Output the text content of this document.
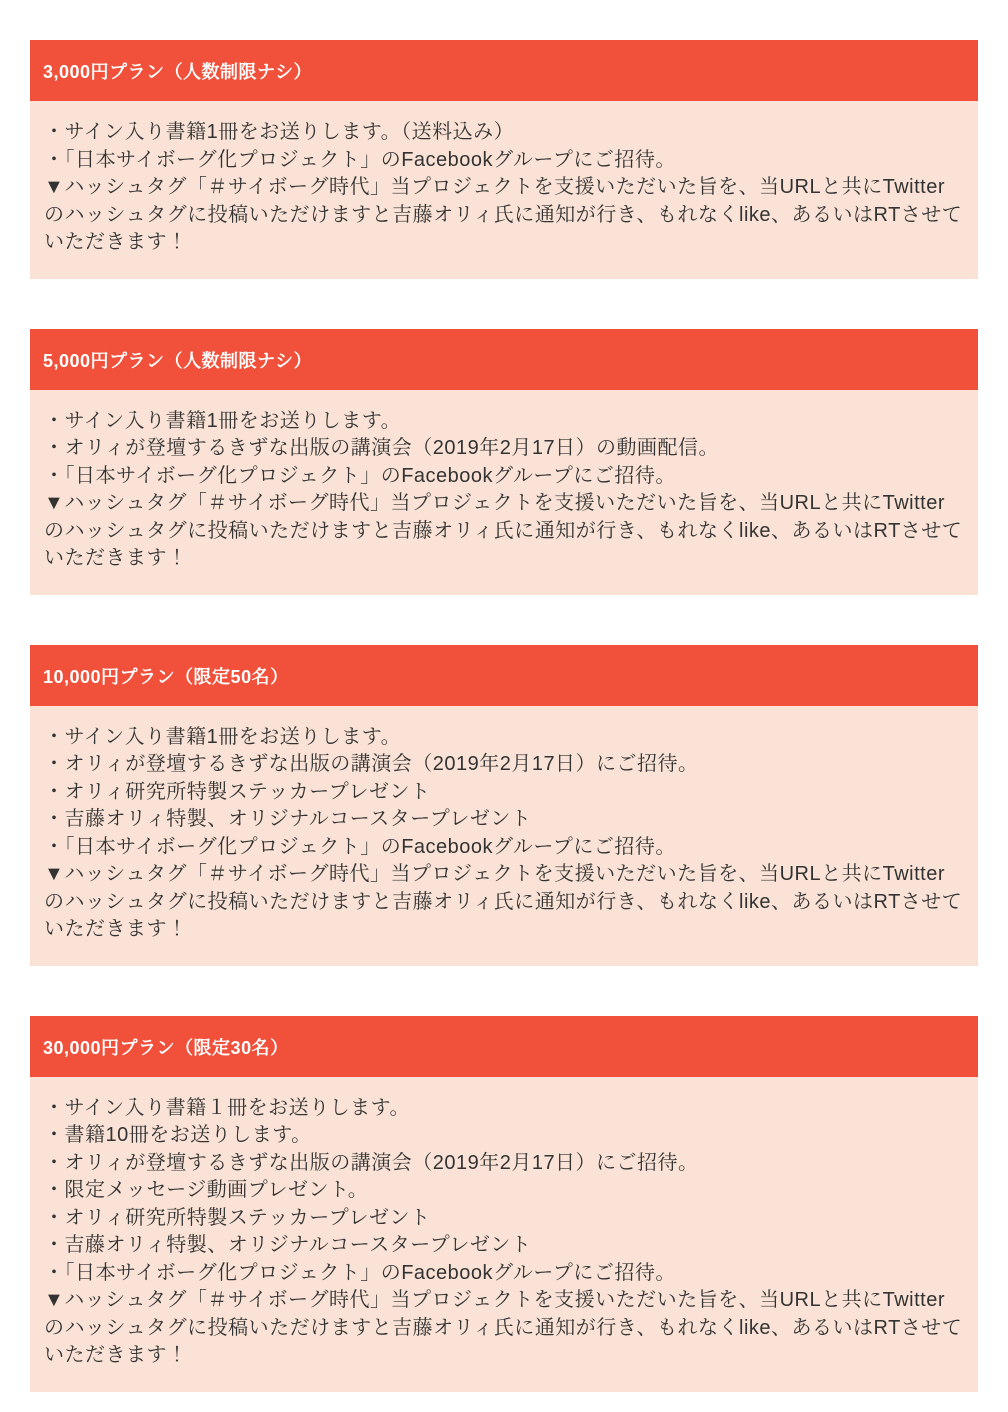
3,000円プラン（人数制限ナシ）

・サイン入り書籍1冊をお送りします。（送料込み）

・「日本サイボーグ化プロジェクト」のFacebookグループにご招待。

▼ハッシュタグ「＃サイボーグ時代」当プロジェクトを支援いただいた旨を、当URLと共にTwitterのハッシュタグに投稿いただけますと吉藤オリィ氏に通知が行き、もれなくlike、あるいはRTさせていただきます！

5,000円プラン（人数制限ナシ）

・サイン入り書籍1冊をお送りします。

・オリィが登壇するきずな出版の講演会（2019年2月17日）の動画配信。

・「日本サイボーグ化プロジェクト」のFacebookグループにご招待。

▼ハッシュタグ「＃サイボーグ時代」当プロジェクトを支援いただいた旨を、当URLと共にTwitterのハッシュタグに投稿いただけますと吉藤オリィ氏に通知が行き、もれなくlike、あるいはRTさせていただきます！

10,000円プラン（限定50名）

・サイン入り書籍1冊をお送りします。

・オリィが登壇するきずな出版の講演会（2019年2月17日）にご招待。

・オリィ研究所特製ステッカープレゼント

・吉藤オリィ特製、オリジナルコースタープレゼント

・「日本サイボーグ化プロジェクト」のFacebookグループにご招待。

▼ハッシュタグ「＃サイボーグ時代」当プロジェクトを支援いただいた旨を、当URLと共にTwitterのハッシュタグに投稿いただけますと吉藤オリィ氏に通知が行き、もれなくlike、あるいはRTさせていただきます！

30,000円プラン（限定30名）

・サイン入り書籍１冊をお送りします。

・書籍10冊をお送りします。

・オリィが登壇するきずな出版の講演会（2019年2月17日）にご招待。

・限定メッセージ動画プレゼント。

・オリィ研究所特製ステッカープレゼント

・吉藤オリィ特製、オリジナルコースタープレゼント

・「日本サイボーグ化プロジェクト」のFacebookグループにご招待。

▼ハッシュタグ「＃サイボーグ時代」当プロジェクトを支援いただいた旨を、当URLと共にTwitterのハッシュタグに投稿いただけますと吉藤オリィ氏に通知が行き、もれなくlike、あるいはRTさせていただきます！
